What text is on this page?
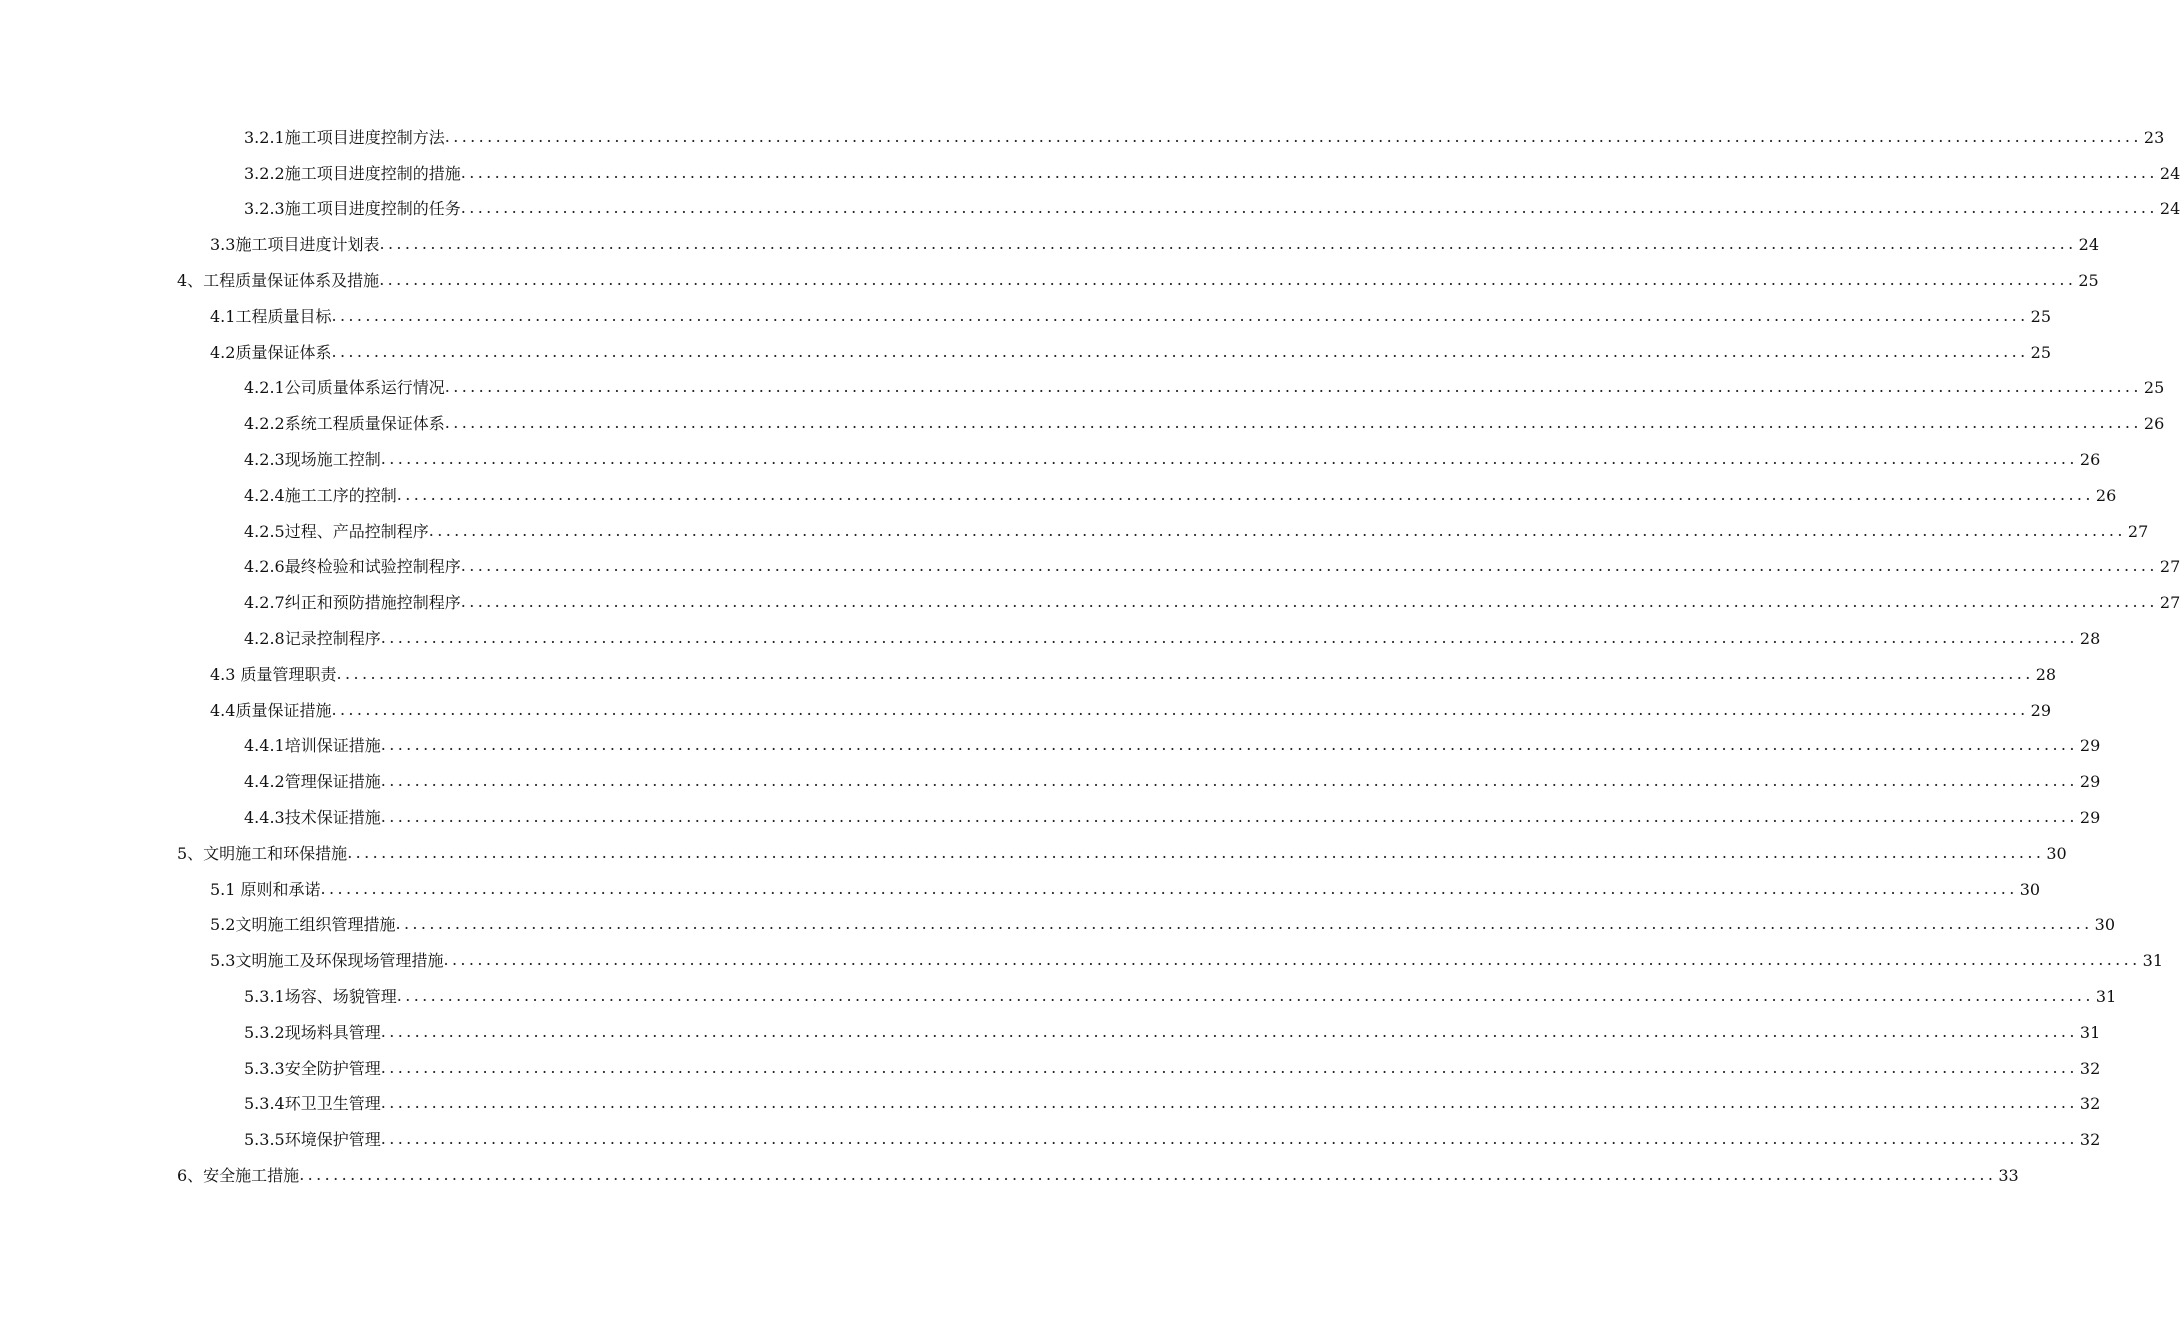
3.2.1施工项目进度控制方法 ........................................................................................................................................................................................................ 23
3.2.2施工项目进度控制的措施 ........................................................................................................................................................................................................ 24
3.2.3施工项目进度控制的任务 ........................................................................................................................................................................................................ 24
3.3施工项目进度计划表 ........................................................................................................................................................................................................ 24
4、工程质量保证体系及措施 ........................................................................................................................................................................................................ 25
4.1工程质量目标 ........................................................................................................................................................................................................ 25
4.2质量保证体系 ........................................................................................................................................................................................................ 25
4.2.1公司质量体系运行情况 ........................................................................................................................................................................................................ 25
4.2.2系统工程质量保证体系 ........................................................................................................................................................................................................ 26
4.2.3现场施工控制 ........................................................................................................................................................................................................ 26
4.2.4施工工序的控制 ........................................................................................................................................................................................................ 26
4.2.5过程、产品控制程序 ........................................................................................................................................................................................................ 27
4.2.6最终检验和试验控制程序 ........................................................................................................................................................................................................ 27
4.2.7纠正和预防措施控制程序 ........................................................................................................................................................................................................ 27
4.2.8记录控制程序 ........................................................................................................................................................................................................ 28
4.3 质量管理职责 ........................................................................................................................................................................................................ 28
4.4质量保证措施 ........................................................................................................................................................................................................ 29
4.4.1培训保证措施 ........................................................................................................................................................................................................ 29
4.4.2管理保证措施 ........................................................................................................................................................................................................ 29
4.4.3技术保证措施 ........................................................................................................................................................................................................ 29
5、文明施工和环保措施 ........................................................................................................................................................................................................ 30
5.1 原则和承诺 ........................................................................................................................................................................................................ 30
5.2文明施工组织管理措施 ........................................................................................................................................................................................................ 30
5.3文明施工及环保现场管理措施 ........................................................................................................................................................................................................ 31
5.3.1场容、场貌管理 ........................................................................................................................................................................................................ 31
5.3.2现场料具管理 ........................................................................................................................................................................................................ 31
5.3.3安全防护管理 ........................................................................................................................................................................................................ 32
5.3.4环卫卫生管理 ........................................................................................................................................................................................................ 32
5.3.5环境保护管理 ........................................................................................................................................................................................................ 32
6、安全施工措施 ........................................................................................................................................................................................................ 33
